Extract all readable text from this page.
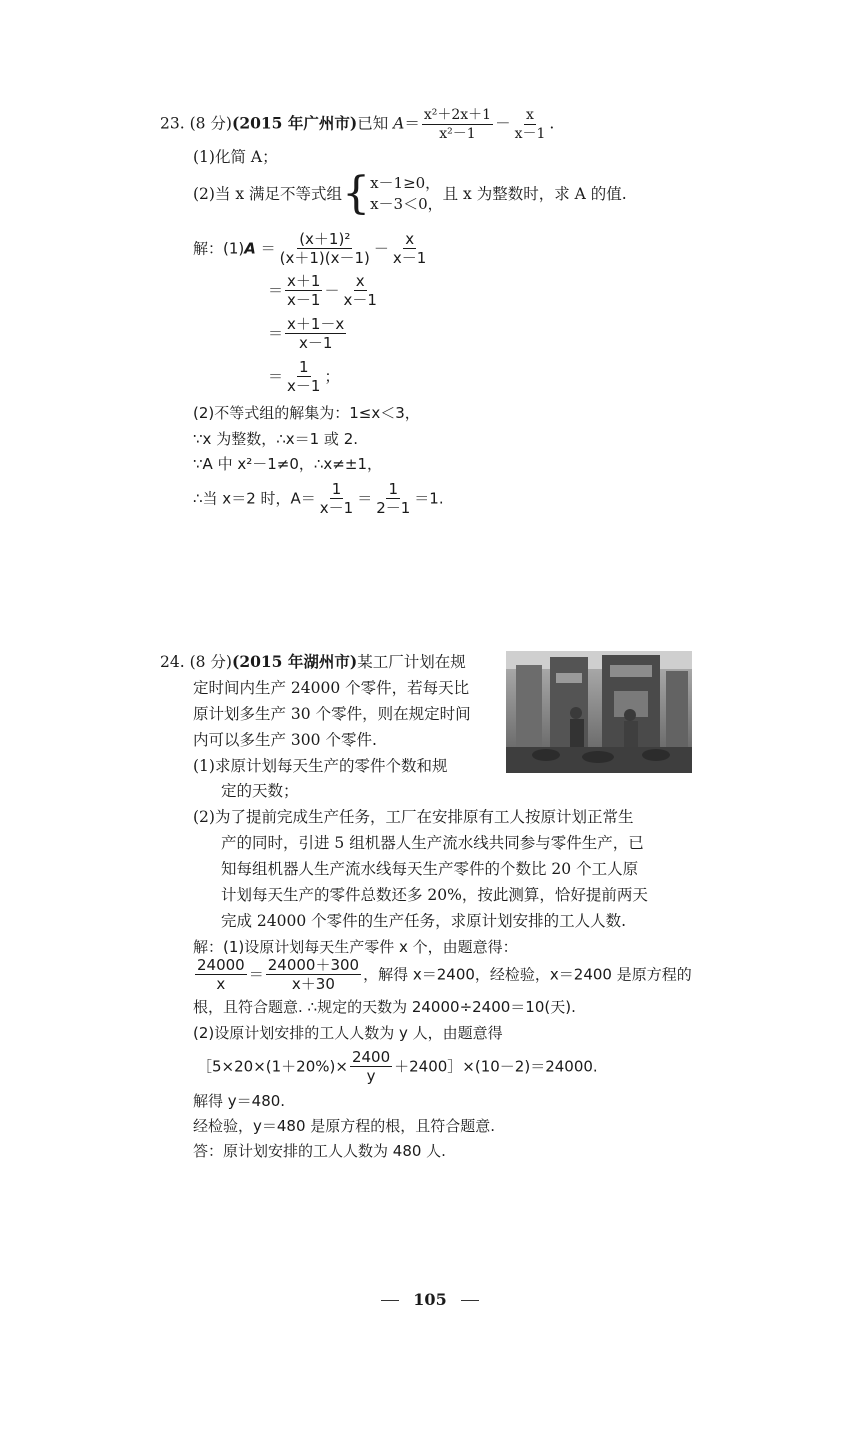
23. (8 分)(2015 年广州市)已知 $A= \frac{\text{x²＋2x＋1}}{\text{x²－1}} - \frac{x}{x-1}$ .
(1)化简 A；
(2)当 x 满足不等式组{ x－1≥0，
x－3＜0，
且 x 为整数时，求 A 的值.
解：$(1)A = \frac{\text{(x＋1)²}}{(x+1)(x-1)} - \frac{x}{x-1}$
＝ $\frac{x+1}{x-1} - \frac{x}{x-1}$
＝ $\frac{x+1-x}{x-1}$
＝ $\frac{1}{x-1}$ ；
(2)不等式组的解集为：1≤x＜3，
∵x 为整数，∴x＝1 或 2.
∵A 中 x²－1≠0，∴x≠±1，
∴当 x＝2 时，$A= \frac{1}{x-1} = \frac{1}{2-1} =1$.
24. (8 分)(2015 年湖州市)某工厂计划在规
定时间内生产 24000 个零件，若每天比
原计划多生产 30 个零件，则在规定时间
内可以多生产 300 个零件.
(1)求原计划每天生产的零件个数和规
定的天数；
(2)为了提前完成生产任务，工厂在安排原有工人按原计划正常生
产的同时，引进 5 组机器人生产流水线共同参与零件生产，已
知每组机器人生产流水线每天生产零件的个数比 20 个工人原
计划每天生产的零件总数还多 20%，按此测算，恰好提前两天
完成 24000 个零件的生产任务，求原计划安排的工人人数.
解：(1)设原计划每天生产零件 x 个，由题意得：
$\frac{24000}{x} = \frac{24000+300}{x+30}$ ，解得 x＝2400，经检验，x＝2400 是原方程的
根，且符合题意. ∴规定的天数为 24000÷2400＝10(天).
(2)设原计划安排的工人人数为 y 人，由题意得
［5×20×(1＋20%)× $\frac{2400}{y}$ ＋2400］×(10－2)＝24000.
解得 y＝480.
经检验，y＝480 是原方程的根，且符合题意.
答：原计划安排的工人人数为 480 人.
105
